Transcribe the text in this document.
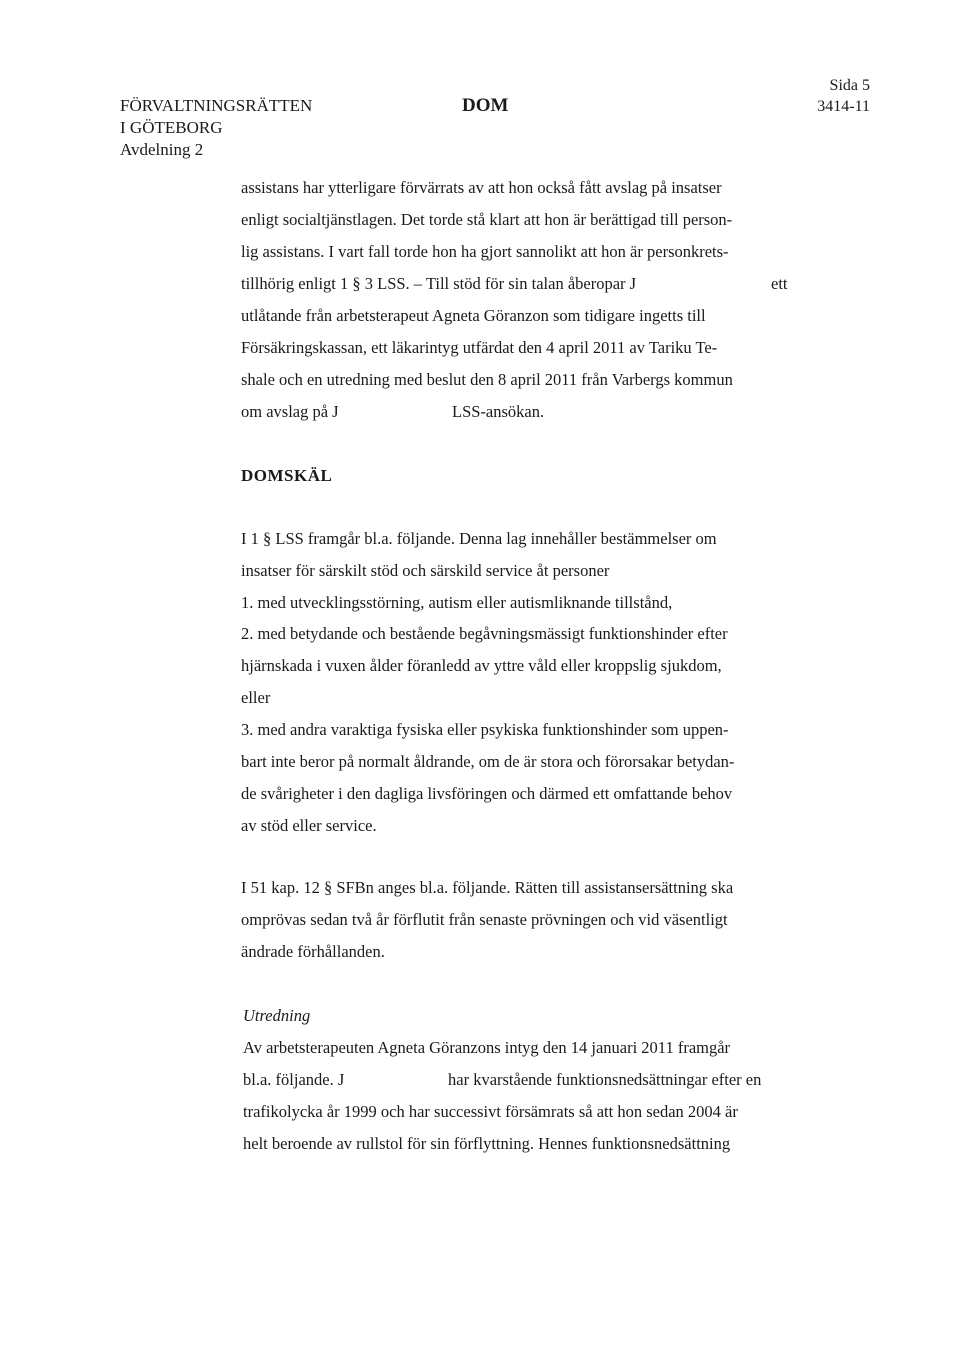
FÖRVALTNINGSRÄTTEN
I GÖTEBORG
Avdelning 2
DOM
Sida 5
3414-11
assistans har ytterligare förvärrats av att hon också fått avslag på insatser
enligt socialtjänstlagen. Det torde stå klart att hon är berättigad till person-
lig assistans. I vart fall torde hon ha gjort sannolikt att hon är personkrets-
tillhörig enligt 1 § 3 LSS. – Till stöd för sin talan åberopar J	ett
utlåtande från arbetsterapeut Agneta Göranzon som tidigare ingetts till
Försäkringskassan, ett läkarintyg utfärdat den 4 april 2011 av Tariku Te-
shale och en utredning med beslut den 8 april 2011 från Varbergs kommun
om avslag på J	LSS-ansökan.
DOMSKÄL
I 1 § LSS framgår bl.a. följande. Denna lag innehåller bestämmelser om
insatser för särskilt stöd och särskild service åt personer
1. med utvecklingsstörning, autism eller autismliknande tillstånd,
2. med betydande och bestående begåvningsmässigt funktionshinder efter
hjärnskada i vuxen ålder föranledd av yttre våld eller kroppslig sjukdom,
eller
3. med andra varaktiga fysiska eller psykiska funktionshinder som uppen-
bart inte beror på normalt åldrande, om de är stora och förorsakar betydan-
de svårigheter i den dagliga livsföringen och därmed ett omfattande behov
av stöd eller service.
I 51 kap. 12 § SFBn anges bl.a. följande. Rätten till assistansersättning ska
omprövas sedan två år förflutit från senaste prövningen och vid väsentligt
ändrade förhållanden.
Utredning
Av arbetsterapeuten Agneta Göranzons intyg den 14 januari 2011 framgår
bl.a. följande. J	har kvarstående funktionsnedsättningar efter en
trafikolycka år 1999 och har successivt försämrats så att hon sedan 2004 är
helt beroende av rullstol för sin förflyttning. Hennes funktionsnedsättning
